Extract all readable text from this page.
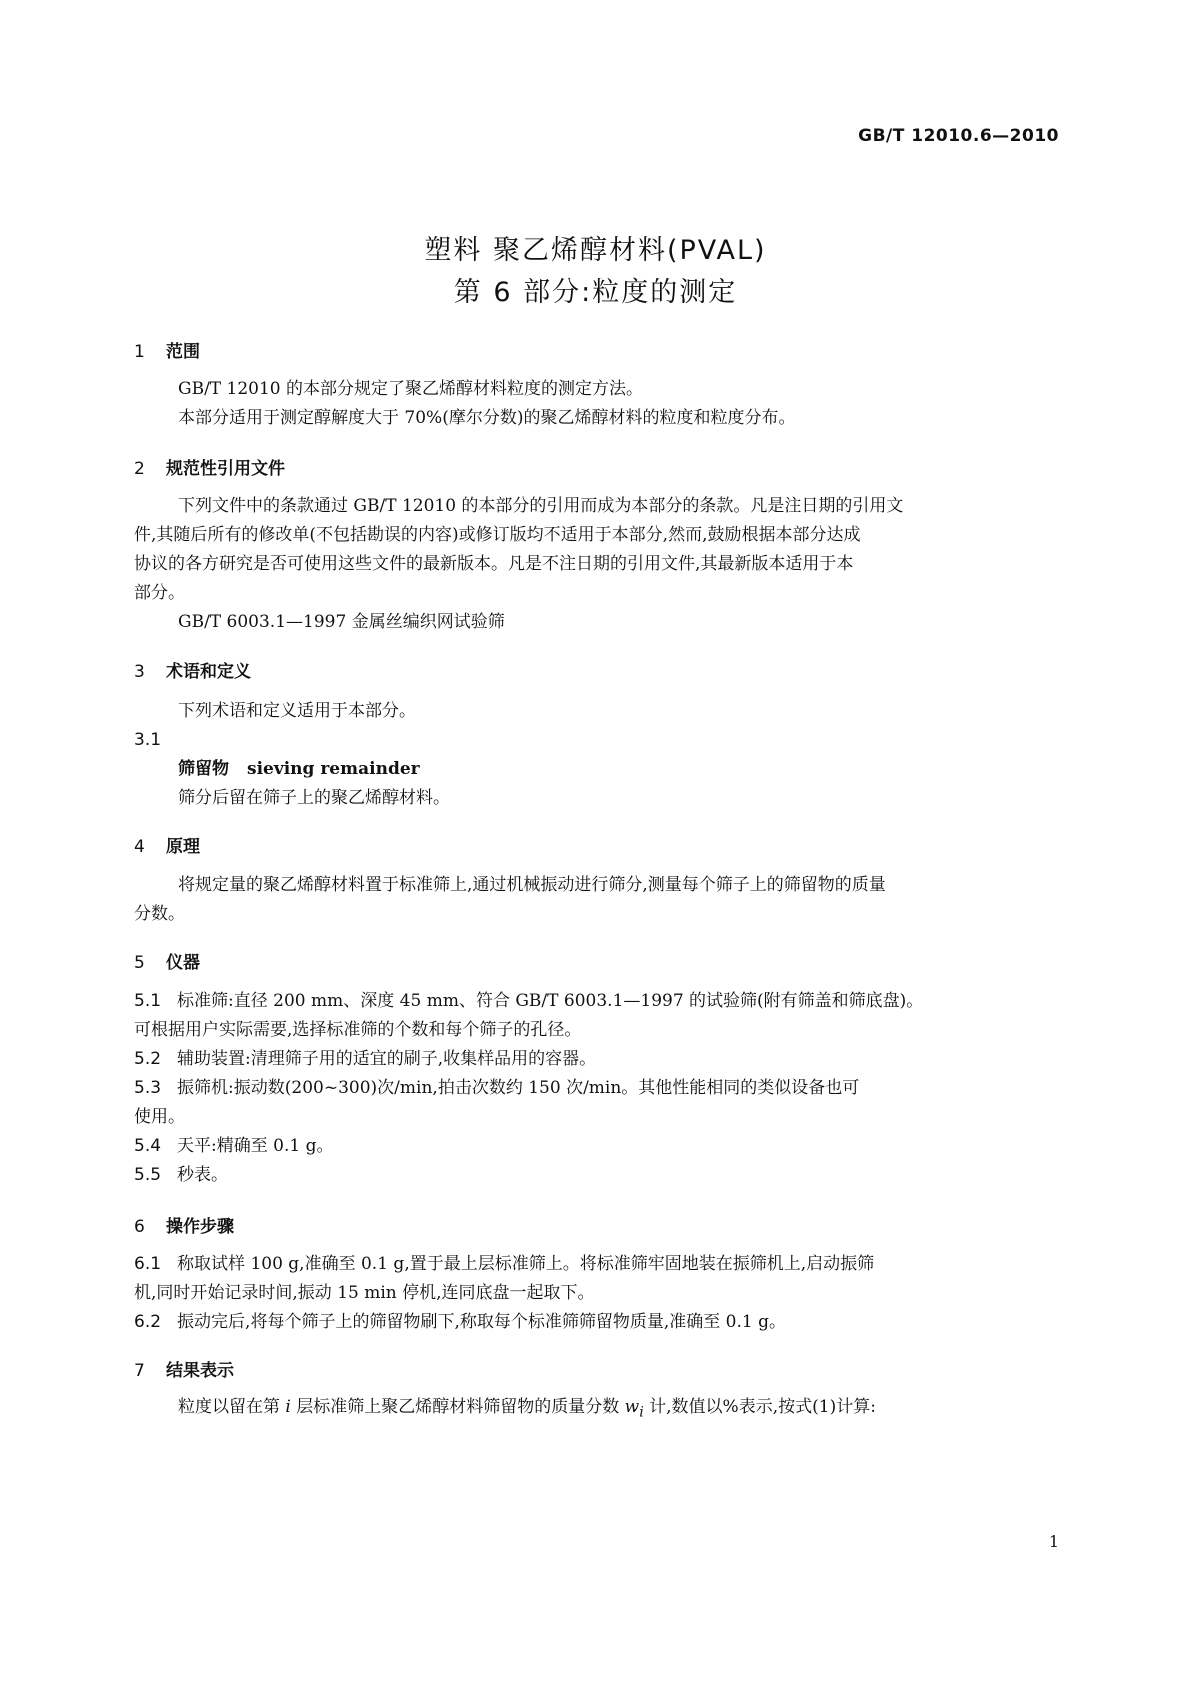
GB/T 12010.6—2010
塑料 聚乙烯醇材料(PVAL)
第 6 部分:粒度的测定
1 范围
GB/T 12010 的本部分规定了聚乙烯醇材料粒度的测定方法。
本部分适用于测定醇解度大于 70%(摩尔分数)的聚乙烯醇材料的粒度和粒度分布。
2 规范性引用文件
下列文件中的条款通过 GB/T 12010 的本部分的引用而成为本部分的条款。凡是注日期的引用文
件,其随后所有的修改单(不包括勘误的内容)或修订版均不适用于本部分,然而,鼓励根据本部分达成
协议的各方研究是否可使用这些文件的最新版本。凡是不注日期的引用文件,其最新版本适用于本
部分。
GB/T 6003.1—1997 金属丝编织网试验筛
3 术语和定义
下列术语和定义适用于本部分。
3.1
筛留物 sieving remainder
筛分后留在筛子上的聚乙烯醇材料。
4 原理
将规定量的聚乙烯醇材料置于标准筛上,通过机械振动进行筛分,测量每个筛子上的筛留物的质量
分数。
5 仪器
5.1 标准筛:直径 200 mm、深度 45 mm、符合 GB/T 6003.1—1997 的试验筛(附有筛盖和筛底盘)。
可根据用户实际需要,选择标准筛的个数和每个筛子的孔径。
5.2 辅助装置:清理筛子用的适宜的刷子,收集样品用的容器。
5.3 振筛机:振动数(200~300)次/min,拍击次数约 150 次/min。其他性能相同的类似设备也可
使用。
5.4 天平:精确至 0.1 g。
5.5 秒表。
6 操作步骤
6.1 称取试样 100 g,准确至 0.1 g,置于最上层标准筛上。将标准筛牢固地装在振筛机上,启动振筛
机,同时开始记录时间,振动 15 min 停机,连同底盘一起取下。
6.2 振动完后,将每个筛子上的筛留物刷下,称取每个标准筛筛留物质量,准确至 0.1 g。
7 结果表示
粒度以留在第 i 层标准筛上聚乙烯醇材料筛留物的质量分数 $w_i$ 计,数值以%表示,按式(1)计算:
1
